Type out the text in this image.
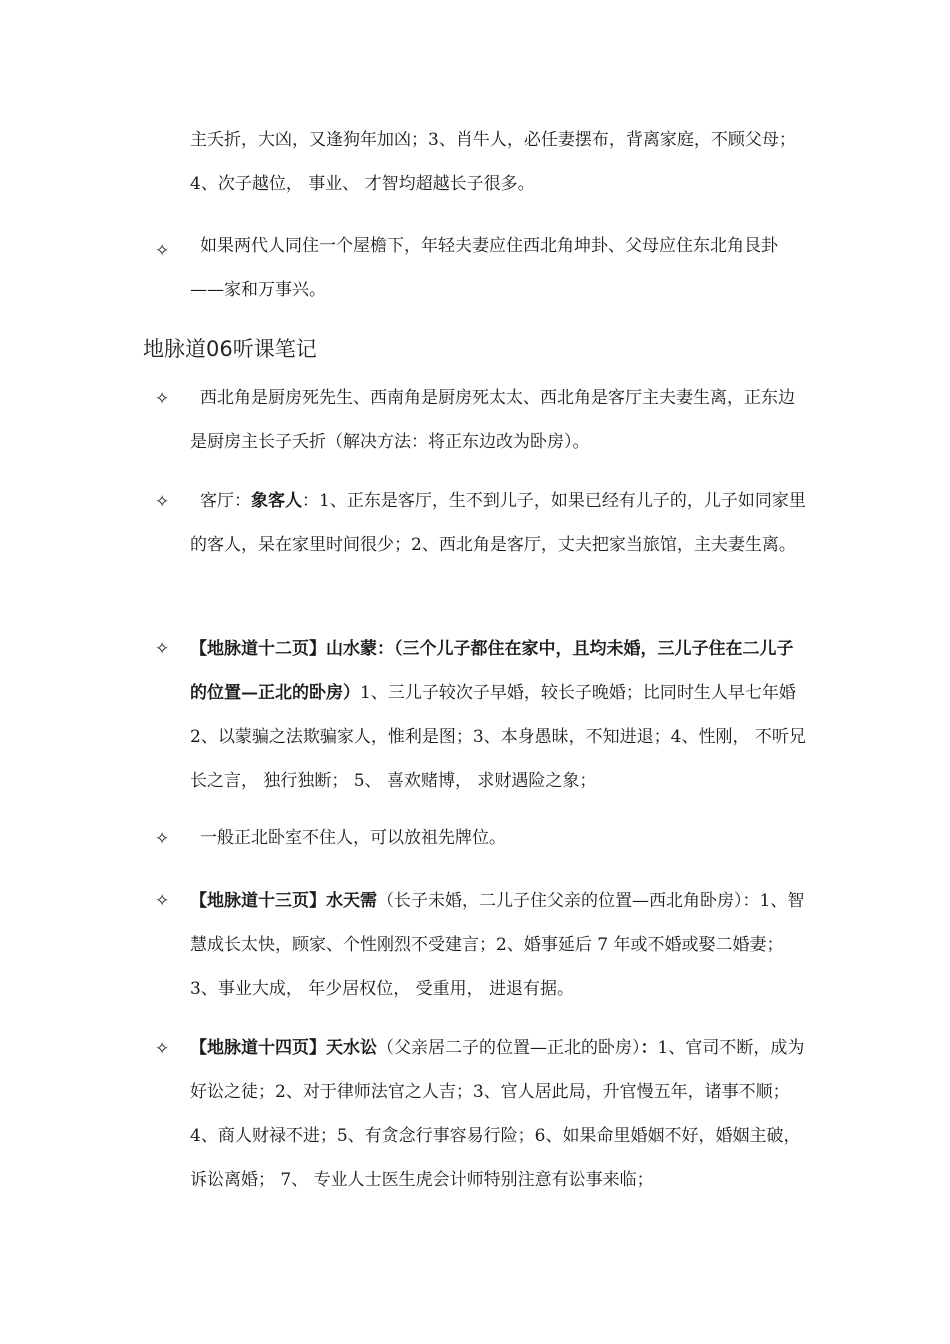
主夭折，大凶，又逢狗年加凶；3、肖牛人，必任妻摆布，背离家庭，不顾父母；

4、次子越位， 事业、 才智均超越长子很多。

✧	如果两代人同住一个屋檐下，年轻夫妻应住西北角坤卦、父母应住东北角艮卦——家和万事兴。

地脉道06听课笔记
✧	西北角是厨房死先生、西南角是厨房死太太、西北角是客厅主夫妻生离，正东边是厨房主长子夭折（解决方法：将正东边改为卧房）。

✧	客厅：象客人：1、正东是客厅，生不到儿子，如果已经有儿子的，儿子如同家里的客人，呆在家里时间很少；2、西北角是客厅，丈夫把家当旅馆，主夫妻生离。

✧ 【地脉道十二页】山水蒙：（三个儿子都住在家中，且均未婚，三儿子住在二儿子的位置—正北的卧房）1、三儿子较次子早婚，较长子晚婚；比同时生人早七年婚 2、以蒙骗之法欺骗家人，惟利是图；3、本身愚昧，不知进退；4、性刚， 不听兄长之言， 独行独断； 5、 喜欢赌博， 求财遇险之象；

✧	一般正北卧室不住人，可以放祖先牌位。

✧ 【地脉道十三页】水天需（长子未婚，二儿子住父亲的位置—西北角卧房）：1、智慧成长太快，顾家、个性刚烈不受建言；2、婚事延后 7 年或不婚或娶二婚妻； 3、事业大成， 年少居权位， 受重用， 进退有据。

✧ 【地脉道十四页】天水讼（父亲居二子的位置—正北的卧房）：1、官司不断，成为好讼之徒；2、对于律师法官之人吉；3、官人居此局，升官慢五年，诸事不顺；4、商人财禄不进；5、有贪念行事容易行险；6、如果命里婚姻不好，婚姻主破， 诉讼离婚； 7、 专业人士医生虎会计师特别注意有讼事来临；
